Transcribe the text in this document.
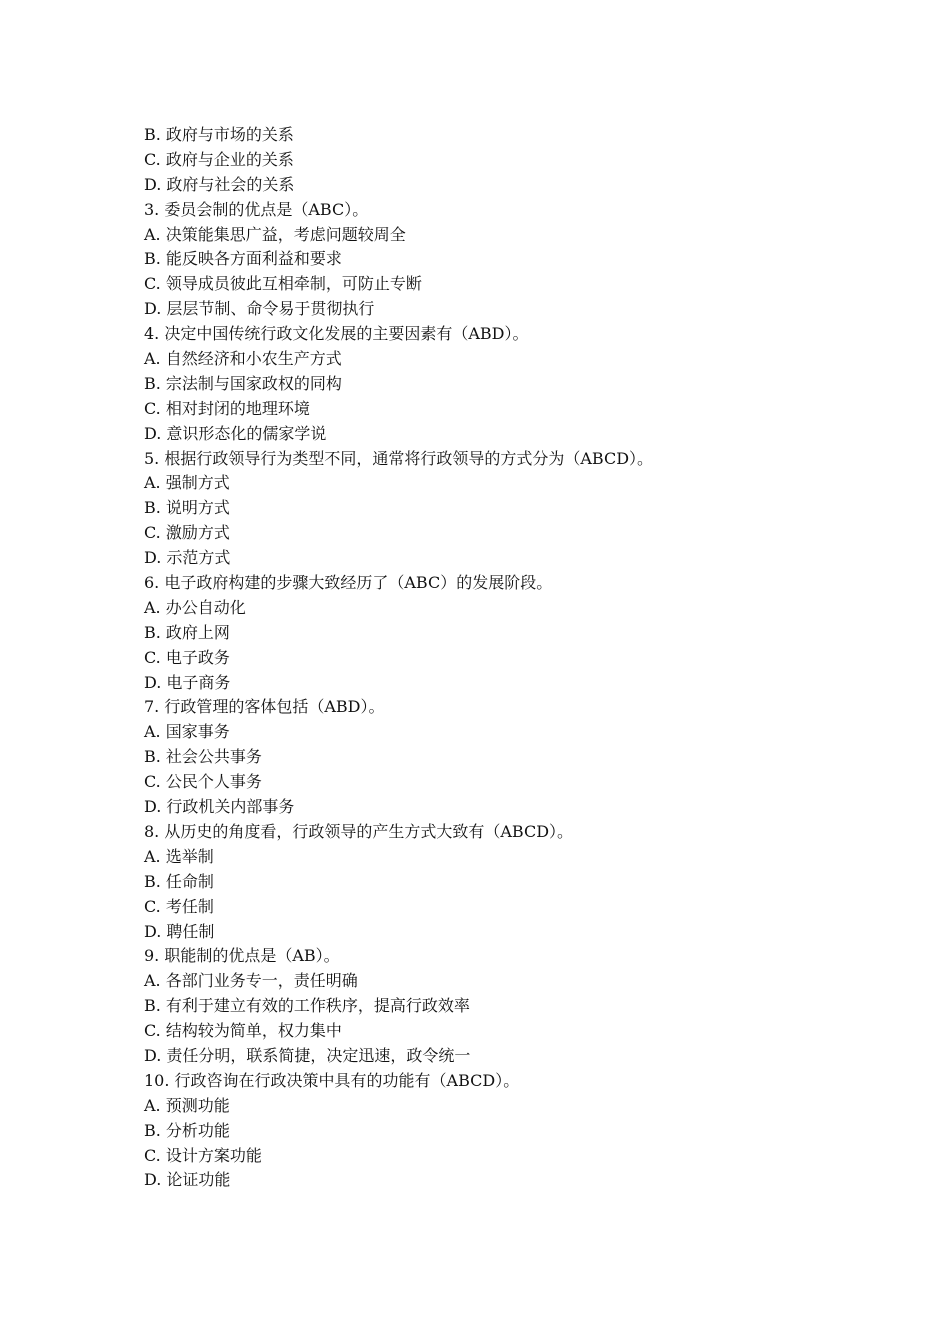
B. 政府与市场的关系
C. 政府与企业的关系
D. 政府与社会的关系
3. 委员会制的优点是（ABC）。
A. 决策能集思广益，考虑问题较周全
B. 能反映各方面利益和要求
C. 领导成员彼此互相牵制，可防止专断
D. 层层节制、命令易于贯彻执行
4. 决定中国传统行政文化发展的主要因素有（ABD）。
A. 自然经济和小农生产方式
B. 宗法制与国家政权的同构
C. 相对封闭的地理环境
D. 意识形态化的儒家学说
5. 根据行政领导行为类型不同，通常将行政领导的方式分为（ABCD）。
A. 强制方式
B. 说明方式
C. 激励方式
D. 示范方式
6. 电子政府构建的步骤大致经历了（ABC）的发展阶段。
A. 办公自动化
B. 政府上网
C. 电子政务
D. 电子商务
7. 行政管理的客体包括（ABD）。
A. 国家事务
B. 社会公共事务
C. 公民个人事务
D. 行政机关内部事务
8. 从历史的角度看，行政领导的产生方式大致有（ABCD）。
A. 选举制
B. 任命制
C. 考任制
D. 聘任制
9. 职能制的优点是（AB）。
A. 各部门业务专一，责任明确
B. 有利于建立有效的工作秩序，提高行政效率
C. 结构较为简单，权力集中
D. 责任分明，联系简捷，决定迅速，政令统一
10. 行政咨询在行政决策中具有的功能有（ABCD）。
A. 预测功能
B. 分析功能
C. 设计方案功能
D. 论证功能
